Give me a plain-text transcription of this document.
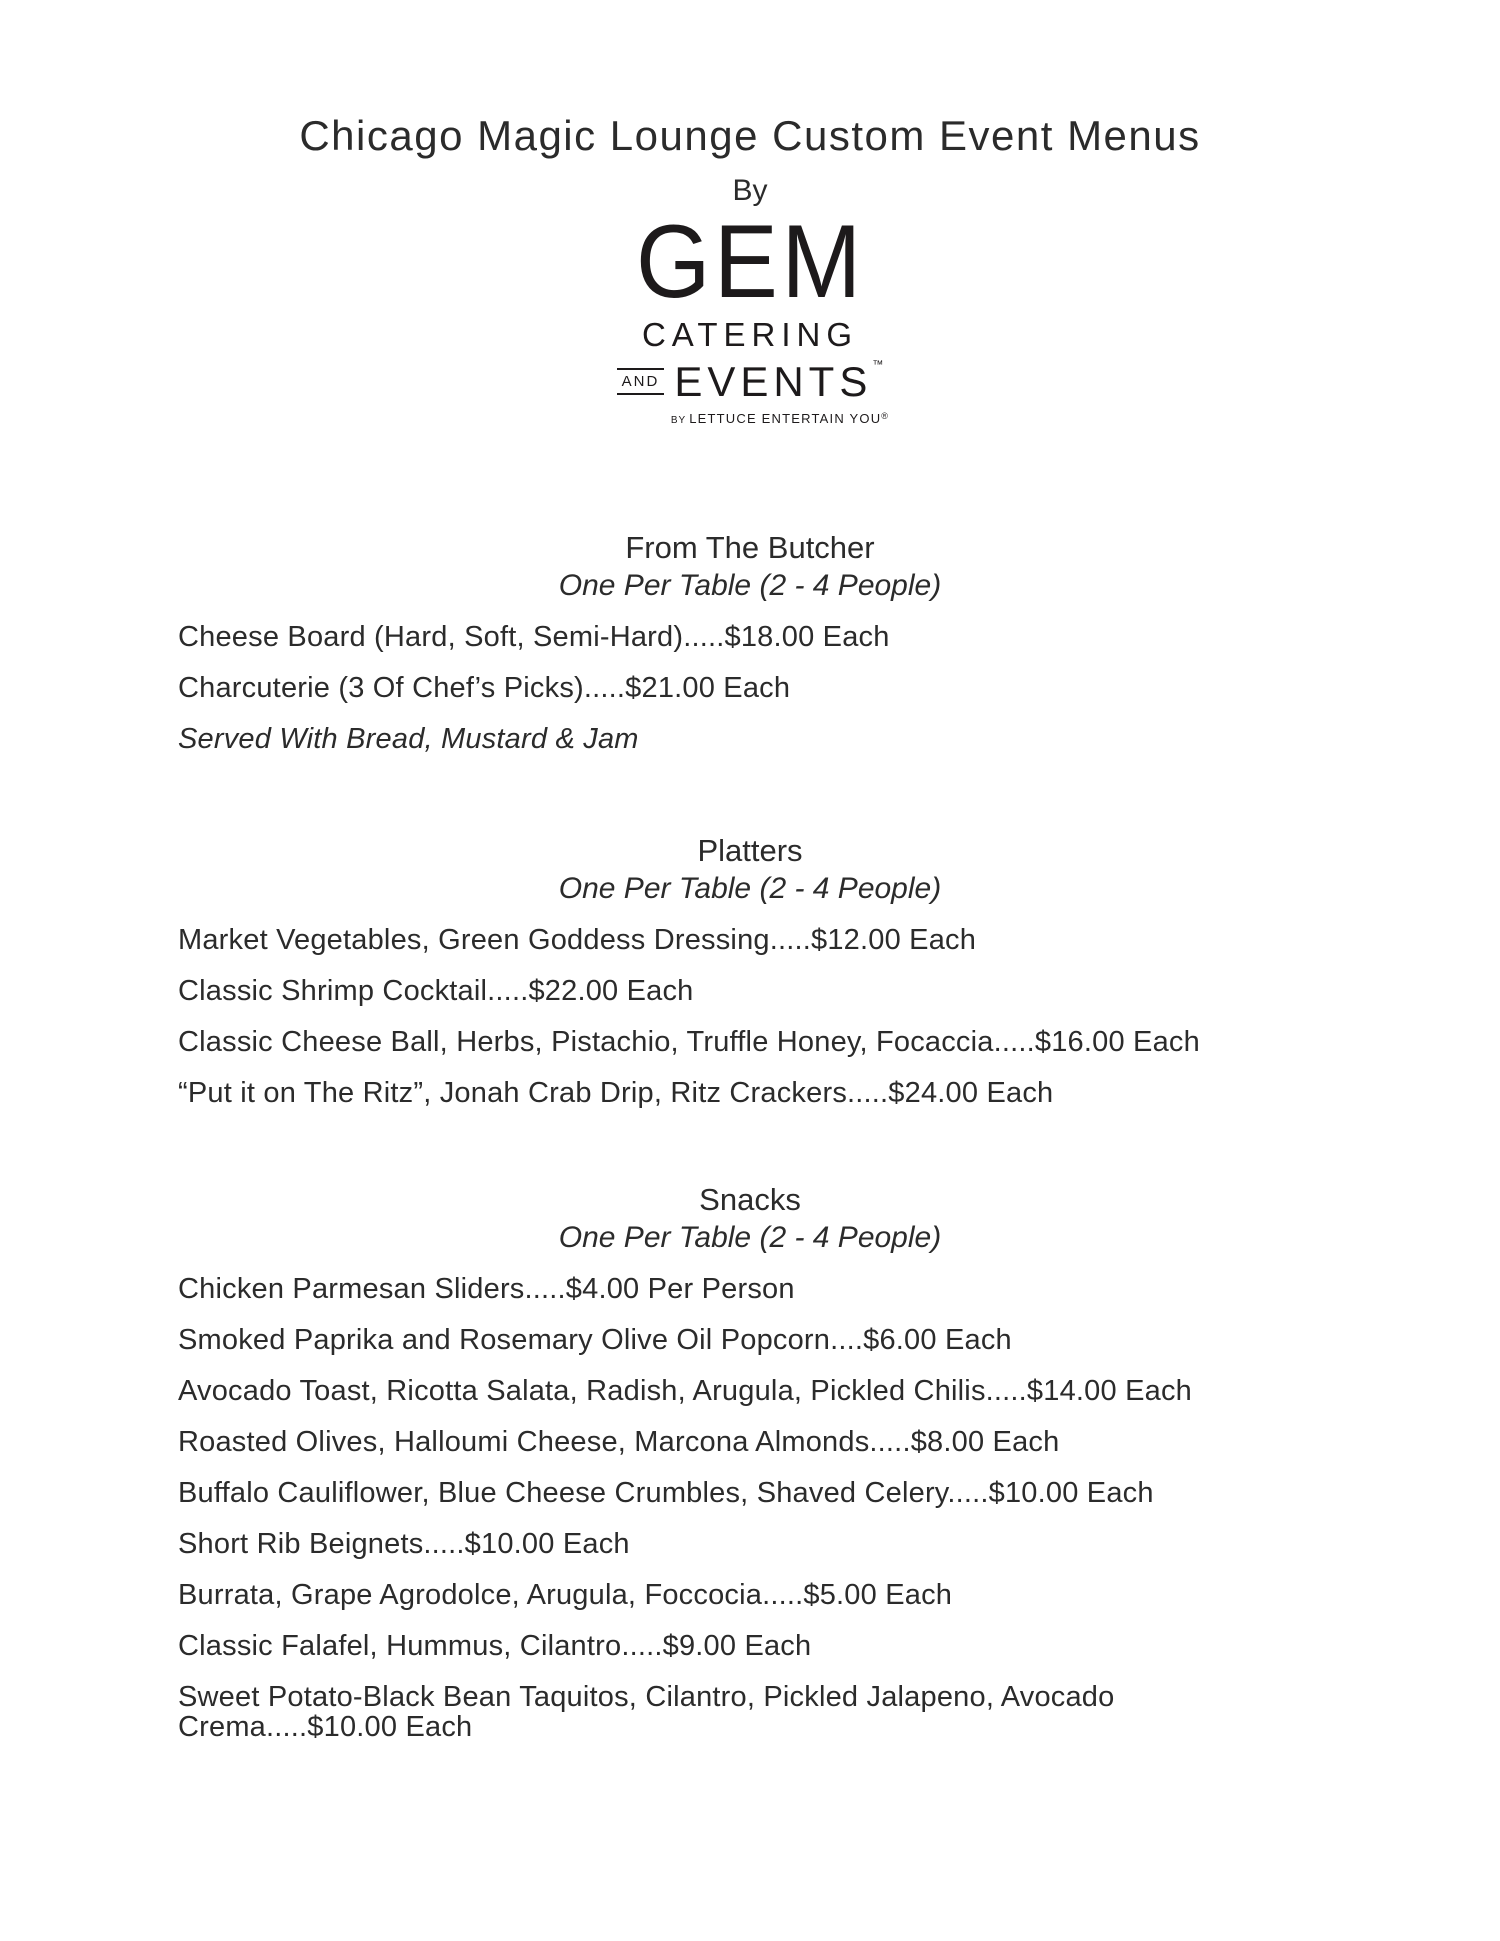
Chicago Magic Lounge Custom Event Menus
By
GEM
CATERING
AND EVENTS™
BY LETTUCE ENTERTAIN YOU®
From The Butcher
One Per Table (2 - 4 People)
Cheese Board (Hard, Soft, Semi-Hard).....$18.00 Each
Charcuterie (3 Of Chef’s Picks).....$21.00 Each
Served With Bread, Mustard & Jam
Platters
One Per Table (2 - 4 People)
Market Vegetables, Green Goddess Dressing.....$12.00 Each
Classic Shrimp Cocktail.....$22.00 Each
Classic Cheese Ball, Herbs, Pistachio, Truffle Honey, Focaccia.....$16.00 Each
“Put it on The Ritz”, Jonah Crab Drip, Ritz Crackers.....$24.00 Each
Snacks
One Per Table (2 - 4 People)
Chicken Parmesan Sliders.....$4.00 Per Person
Smoked Paprika and Rosemary Olive Oil Popcorn....$6.00 Each
Avocado Toast, Ricotta Salata, Radish, Arugula, Pickled Chilis.....$14.00 Each
Roasted Olives, Halloumi Cheese, Marcona Almonds.....$8.00 Each
Buffalo Cauliflower, Blue Cheese Crumbles, Shaved Celery.....$10.00 Each
Short Rib Beignets.....$10.00 Each
Burrata, Grape Agrodolce, Arugula, Foccocia.....$5.00 Each
Classic Falafel, Hummus, Cilantro.....$9.00 Each
Sweet Potato-Black Bean Taquitos, Cilantro, Pickled Jalapeno, Avocado Crema.....$10.00 Each
